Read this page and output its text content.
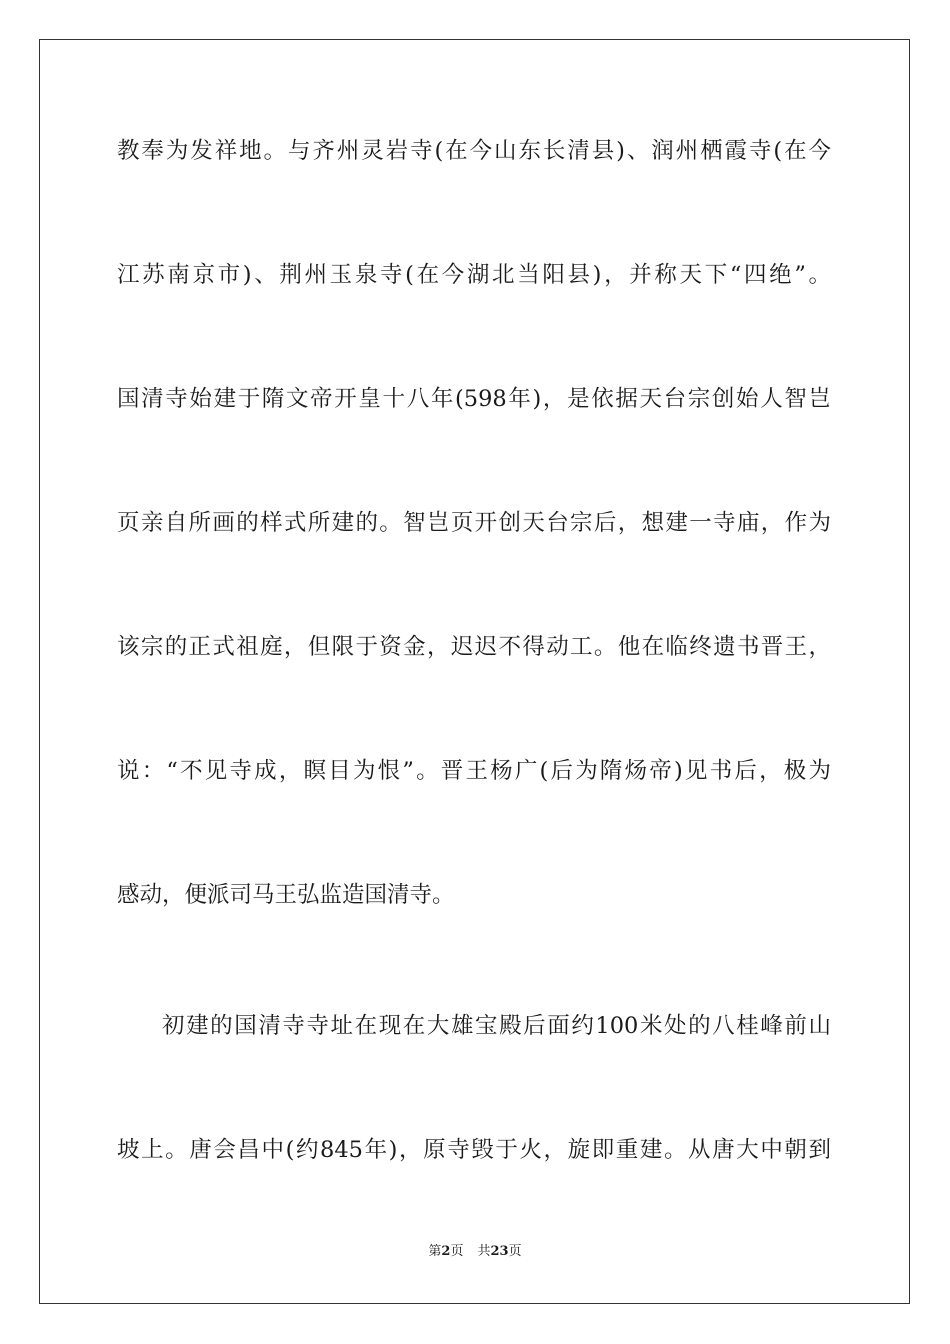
教奉为发祥地。与齐州灵岩寺(在今山东长清县)、润州栖霞寺(在今
江苏南京市)、荆州玉泉寺(在今湖北当阳县)，并称天下“四绝”。
国清寺始建于隋文帝开皇十八年(598年)，是依据天台宗创始人智岂
页亲自所画的样式所建的。智岂页开创天台宗后，想建一寺庙，作为
该宗的正式祖庭，但限于资金，迟迟不得动工。他在临终遗书晋王，
说：“不见寺成，瞑目为恨”。晋王杨广(后为隋炀帝)见书后，极为
感动，便派司马王弘监造国清寺。
初建的国清寺寺址在现在大雄宝殿后面约100米处的八桂峰前山
坡上。唐会昌中(约845年)，原寺毁于火，旋即重建。从唐大中朝到
第2页 共23页
